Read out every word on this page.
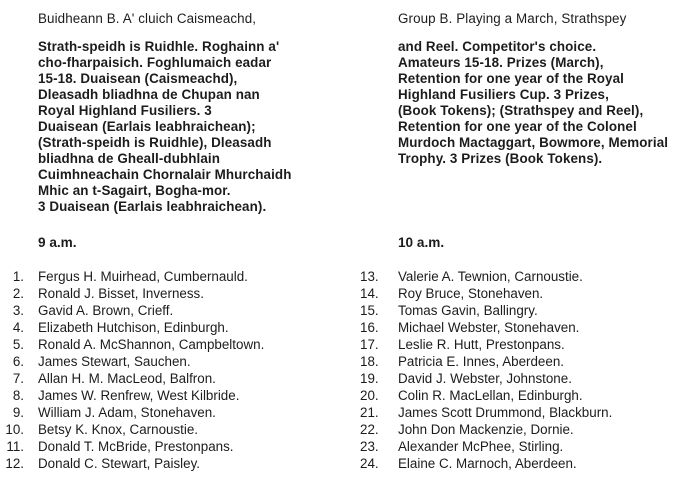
Buidheann B. A' cluich Caismeachd,
Strath-speidh is Ruidhle. Roghainn a'
cho-fharpaisich. Foghlumaich eadar
15-18. Duaisean (Caismeachd),
Dleasadh bliadhna de Chupan nan
Royal Highland Fusiliers. 3
Duaisean (Earlais leabhraichean);
(Strath-speidh is Ruidhle), Dleasadh
bliadhna de Gheall-dubhlain
Cuimhneachain Chornalair Mhurchaidh
Mhic an t-Sagairt, Bogha-mor.
3 Duaisean (Earlais leabhraichean).
9 a.m.
1. Fergus H. Muirhead, Cumbernauld.
2. Ronald J. Bisset, Inverness.
3. Gavid A. Brown, Crieff.
4. Elizabeth Hutchison, Edinburgh.
5. Ronald A. McShannon, Campbeltown.
6. James Stewart, Sauchen.
7. Allan H. M. MacLeod, Balfron.
8. James W. Renfrew, West Kilbride.
9. William J. Adam, Stonehaven.
10. Betsy K. Knox, Carnoustie.
11. Donald T. McBride, Prestonpans.
12. Donald C. Stewart, Paisley.
Group B. Playing a March, Strathspey
and Reel. Competitor's choice.
Amateurs 15-18. Prizes (March),
Retention for one year of the Royal
Highland Fusiliers Cup. 3 Prizes,
(Book Tokens); (Strathspey and Reel),
Retention for one year of the Colonel
Murdoch Mactaggart, Bowmore, Memorial
Trophy. 3 Prizes (Book Tokens).
10 a.m.
13. Valerie A. Tewnion, Carnoustie.
14. Roy Bruce, Stonehaven.
15. Tomas Gavin, Ballingry.
16. Michael Webster, Stonehaven.
17. Leslie R. Hutt, Prestonpans.
18. Patricia E. Innes, Aberdeen.
19. David J. Webster, Johnstone.
20. Colin R. MacLellan, Edinburgh.
21. James Scott Drummond, Blackburn.
22. John Don Mackenzie, Dornie.
23. Alexander McPhee, Stirling.
24. Elaine C. Marnoch, Aberdeen.
